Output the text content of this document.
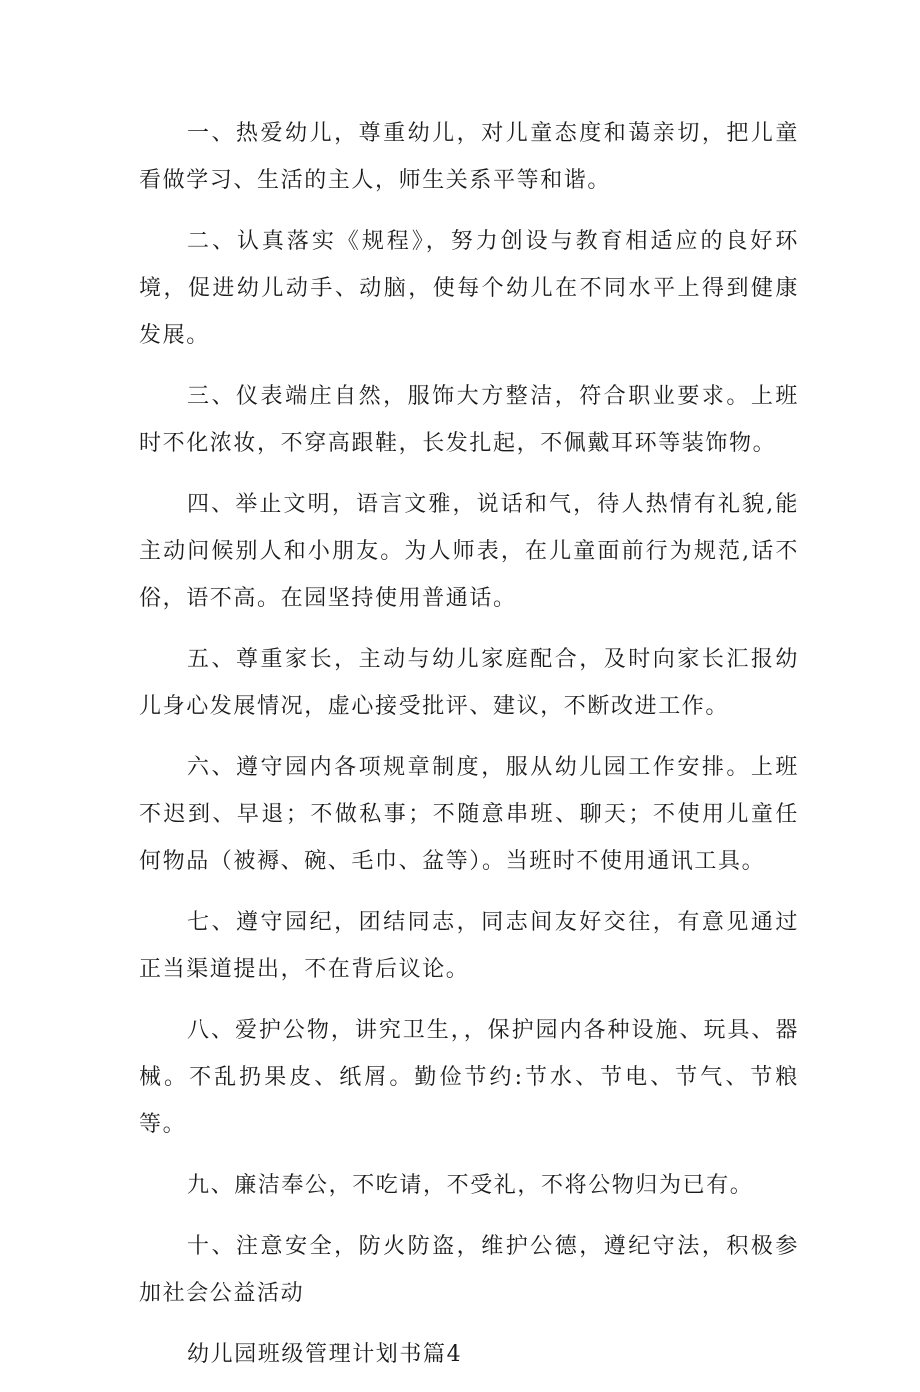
一、热爱幼儿，尊重幼儿，对儿童态度和蔼亲切，把儿童看做学习、生活的主人，师生关系平等和谐。

二、认真落实《规程》，努力创设与教育相适应的良好环境，促进幼儿动手、动脑，使每个幼儿在不同水平上得到健康发展。

三、仪表端庄自然，服饰大方整洁，符合职业要求。上班时不化浓妆，不穿高跟鞋，长发扎起，不佩戴耳环等装饰物。

四、举止文明，语言文雅，说话和气，待人热情有礼貌,能主动问候别人和小朋友。为人师表，在儿童面前行为规范,话不俗，语不高。在园坚持使用普通话。

五、尊重家长，主动与幼儿家庭配合，及时向家长汇报幼儿身心发展情况，虚心接受批评、建议，不断改进工作。

六、遵守园内各项规章制度，服从幼儿园工作安排。上班不迟到、早退；不做私事；不随意串班、聊天；不使用儿童任何物品（被褥、碗、毛巾、盆等）。当班时不使用通讯工具。

七、遵守园纪，团结同志，同志间友好交往，有意见通过正当渠道提出，不在背后议论。

八、爱护公物，讲究卫生，，保护园内各种设施、玩具、器械。不乱扔果皮、纸屑。勤俭节约:节水、节电、节气、节粮等。

九、廉洁奉公，不吃请，不受礼，不将公物归为已有。

十、注意安全，防火防盗，维护公德，遵纪守法，积极参加社会公益活动

幼儿园班级管理计划书篇4
